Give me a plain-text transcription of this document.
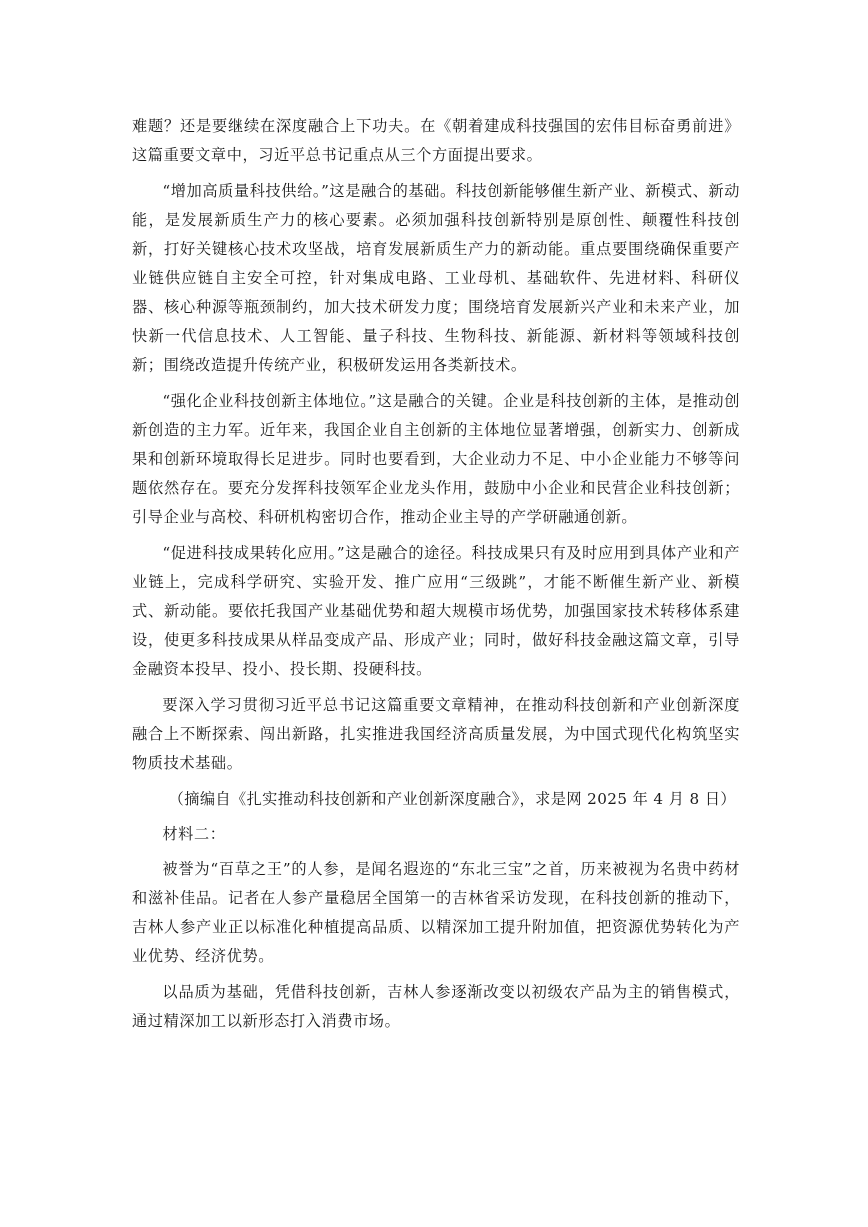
难题？还是要继续在深度融合上下功夫。在《朝着建成科技强国的宏伟目标奋勇前进》这篇重要文章中，习近平总书记重点从三个方面提出要求。

“增加高质量科技供给。”这是融合的基础。科技创新能够催生新产业、新模式、新动能，是发展新质生产力的核心要素。必须加强科技创新特别是原创性、颠覆性科技创新，打好关键核心技术攻坚战，培育发展新质生产力的新动能。重点要围绕确保重要产业链供应链自主安全可控，针对集成电路、工业母机、基础软件、先进材料、科研仪器、核心种源等瓶颈制约，加大技术研发力度；围绕培育发展新兴产业和未来产业，加快新一代信息技术、人工智能、量子科技、生物科技、新能源、新材料等领域科技创新；围绕改造提升传统产业，积极研发运用各类新技术。

“强化企业科技创新主体地位。”这是融合的关键。企业是科技创新的主体，是推动创新创造的主力军。近年来，我国企业自主创新的主体地位显著增强，创新实力、创新成果和创新环境取得长足进步。同时也要看到，大企业动力不足、中小企业能力不够等问题依然存在。要充分发挥科技领军企业龙头作用，鼓励中小企业和民营企业科技创新；引导企业与高校、科研机构密切合作，推动企业主导的产学研融通创新。

“促进科技成果转化应用。”这是融合的途径。科技成果只有及时应用到具体产业和产业链上，完成科学研究、实验开发、推广应用“三级跳”，才能不断催生新产业、新模式、新动能。要依托我国产业基础优势和超大规模市场优势，加强国家技术转移体系建设，使更多科技成果从样品变成产品、形成产业；同时，做好科技金融这篇文章，引导金融资本投早、投小、投长期、投硬科技。

要深入学习贯彻习近平总书记这篇重要文章精神，在推动科技创新和产业创新深度融合上不断探索、闯出新路，扎实推进我国经济高质量发展，为中国式现代化构筑坚实物质技术基础。

（摘编自《扎实推动科技创新和产业创新深度融合》，求是网 2025 年 4 月 8 日）

材料二：

被誉为“百草之王”的人参，是闻名遐迩的“东北三宝”之首，历来被视为名贵中药材和滋补佳品。记者在人参产量稳居全国第一的吉林省采访发现，在科技创新的推动下，吉林人参产业正以标准化种植提高品质、以精深加工提升附加值，把资源优势转化为产业优势、经济优势。

以品质为基础，凭借科技创新，吉林人参逐渐改变以初级农产品为主的销售模式，通过精深加工以新形态打入消费市场。
